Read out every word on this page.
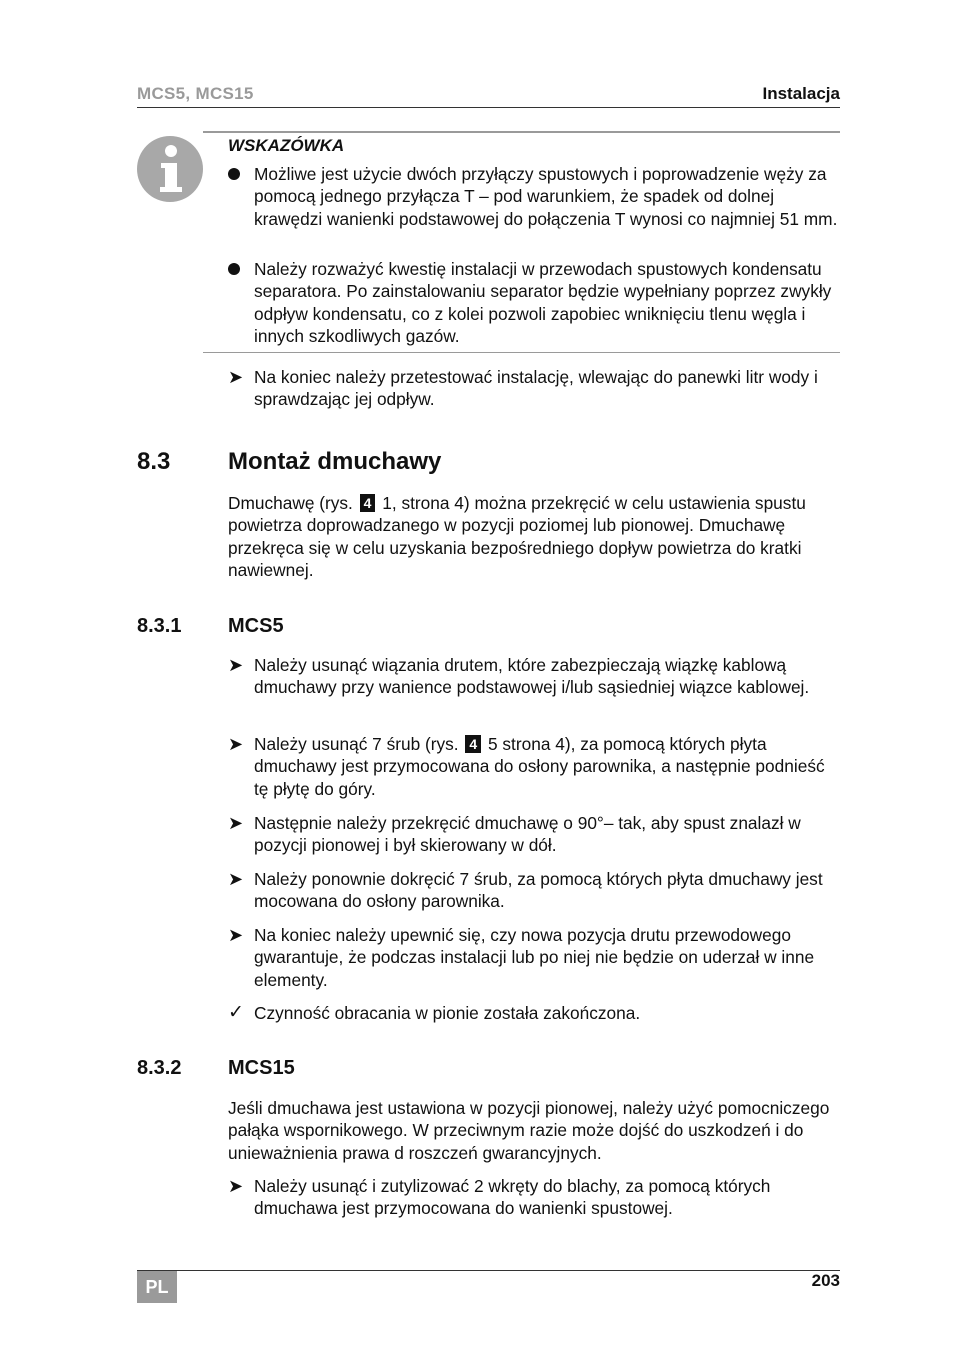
MCS5, MCS15	Instalacja
WSKAZÓWKA
Możliwe jest użycie dwóch przyłączy spustowych i poprowadzenie węży za pomocą jednego przyłącza T – pod warunkiem, że spadek od dolnej krawędzi wanienki podstawowej do połączenia T wynosi co najmniej 51 mm.
Należy rozważyć kwestię instalacji w przewodach spustowych kondensatu separatora. Po zainstalowaniu separator będzie wypełniany poprzez zwykły odpływ kondensatu, co z kolei pozwoli zapobiec wniknięciu tlenu węgla i innych szkodliwych gazów.
➤ Na koniec należy przetestować instalację, wlewając do panewki litr wody i sprawdzając jej odpływ.
8.3 Montaż dmuchawy
Dmuchawę (rys. 4 1, strona 4) można przekręcić w celu ustawienia spustu powietrza doprowadzanego w pozycji poziomej lub pionowej. Dmuchawę przekręca się w celu uzyskania bezpośredniego dopływ powietrza do kratki nawiewnej.
8.3.1 MCS5
➤ Należy usunąć wiązania drutem, które zabezpieczają wiązkę kablową dmuchawy przy wanience podstawowej i/lub sąsiedniej wiązce kablowej.
➤ Należy usunąć 7 śrub (rys. 4 5 strona 4), za pomocą których płyta dmuchawy jest przymocowana do osłony parownika, a następnie podnieść tę płytę do góry.
➤ Następnie należy przekręcić dmuchawę o 90°– tak, aby spust znalazł w pozycji pionowej i był skierowany w dół.
➤ Należy ponownie dokręcić 7 śrub, za pomocą których płyta dmuchawy jest mocowana do osłony parownika.
➤ Na koniec należy upewnić się, czy nowa pozycja drutu przewodowego gwarantuje, że podczas instalacji lub po niej nie będzie on uderzał w inne elementy.
✓ Czynność obracania w pionie została zakończona.
8.3.2 MCS15
Jeśli dmuchawa jest ustawiona w pozycji pionowej, należy użyć pomocniczego pałąka wspornikowego. W przeciwnym razie może dojść do uszkodzeń i do unieważnienia prawa d roszczeń gwarancyjnych.
➤ Należy usunąć i zutylizować 2 wkręty do blachy, za pomocą których dmuchawa jest przymocowana do wanienki spustowej.
PL	203
